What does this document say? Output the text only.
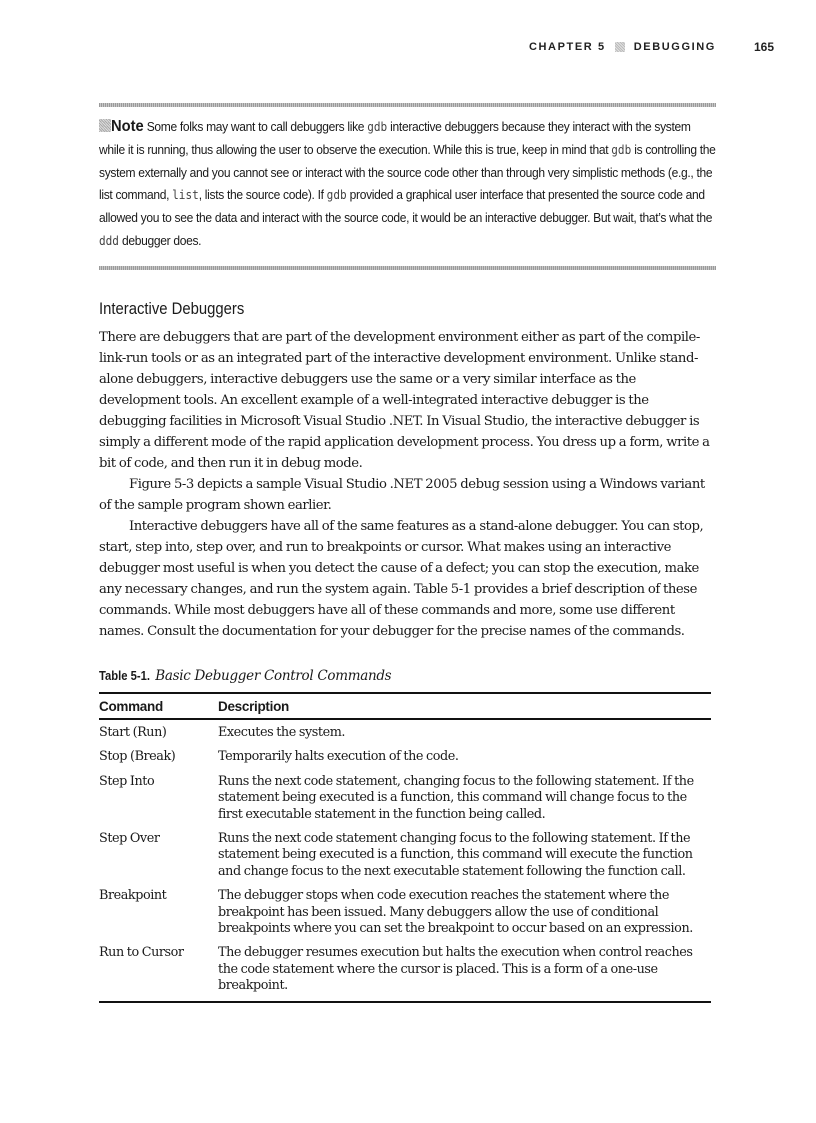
CHAPTER 5	DEBUGGING	165
Note Some folks may want to call debuggers like gdb interactive debuggers because they interact with the system while it is running, thus allowing the user to observe the execution. While this is true, keep in mind that gdb is controlling the system externally and you cannot see or interact with the source code other than through very simplistic methods (e.g., the list command, list, lists the source code). If gdb provided a graphical user interface that presented the source code and allowed you to see the data and interact with the source code, it would be an interactive debugger. But wait, that’s what the ddd debugger does.
Interactive Debuggers

There are debuggers that are part of the development environment either as part of the compile-link-run tools or as an integrated part of the interactive development environment. Unlike stand-alone debuggers, interactive debuggers use the same or a very similar interface as the development tools. An excellent example of a well-integrated interactive debugger is the debugging facilities in Microsoft Visual Studio .NET. In Visual Studio, the interactive debugger is simply a different mode of the rapid application development process. You dress up a form, write a bit of code, and then run it in debug mode.

Figure 5-3 depicts a sample Visual Studio .NET 2005 debug session using a Windows variant of the sample program shown earlier.

Interactive debuggers have all of the same features as a stand-alone debugger. You can stop, start, step into, step over, and run to breakpoints or cursor. What makes using an interactive debugger most useful is when you detect the cause of a defect; you can stop the execution, make any necessary changes, and run the system again. Table 5-1 provides a brief description of these commands. While most debuggers have all of these commands and more, some use different names. Consult the documentation for your debugger for the precise names of the commands.

Table 5-1. Basic Debugger Control Commands
Command	Description
Start (Run)	Executes the system.
Stop (Break)	Temporarily halts execution of the code.
Step Into	Runs the next code statement, changing focus to the following statement. If the statement being executed is a function, this command will change focus to the first executable statement in the function being called.
Step Over	Runs the next code statement changing focus to the following statement. If the statement being executed is a function, this command will execute the function and change focus to the next executable statement following the function call.
Breakpoint	The debugger stops when code execution reaches the statement where the breakpoint has been issued. Many debuggers allow the use of conditional breakpoints where you can set the breakpoint to occur based on an expression.
Run to Cursor	The debugger resumes execution but halts the execution when control reaches the code statement where the cursor is placed. This is a form of a one-use breakpoint.
